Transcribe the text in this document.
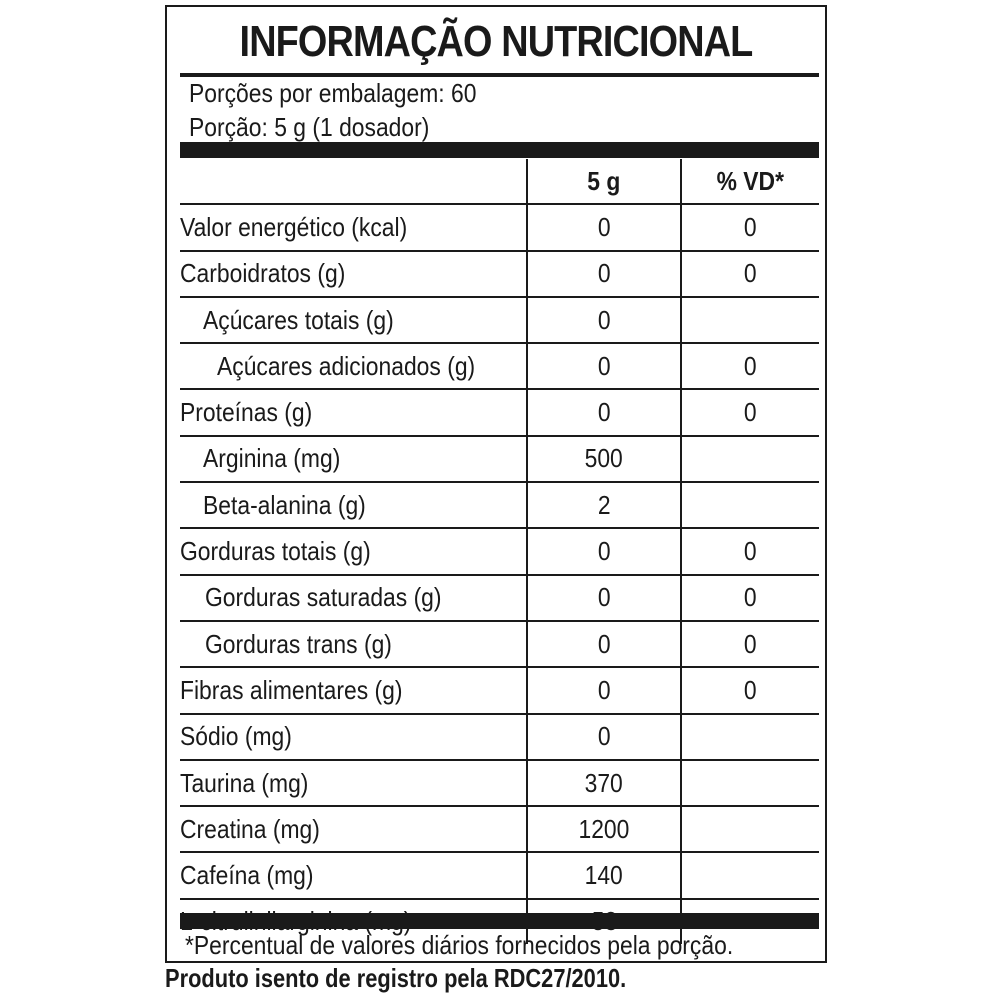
INFORMAÇÃO NUTRICIONAL
Porções por embalagem: 60
Porção: 5 g (1 dosador)
	5 g	% VD*
Valor energético (kcal)	0	0
Carboidratos (g)	0	0
Açúcares totais (g)	0	
Açúcares adicionados (g)	0	0
Proteínas (g)	0	0
Arginina (mg)	500	
Beta-alanina (g)	2	
Gorduras totais (g)	0	0
Gorduras saturadas (g)	0	0
Gorduras trans (g)	0	0
Fibras alimentares (g)	0	0
Sódio (mg)	0	
Taurina (mg)	370	
Creatina (mg)	1200	
Cafeína (mg)	140	

*Percentual de valores diários fornecidos pela porção.
Produto isento de registro pela RDC27/2010.
